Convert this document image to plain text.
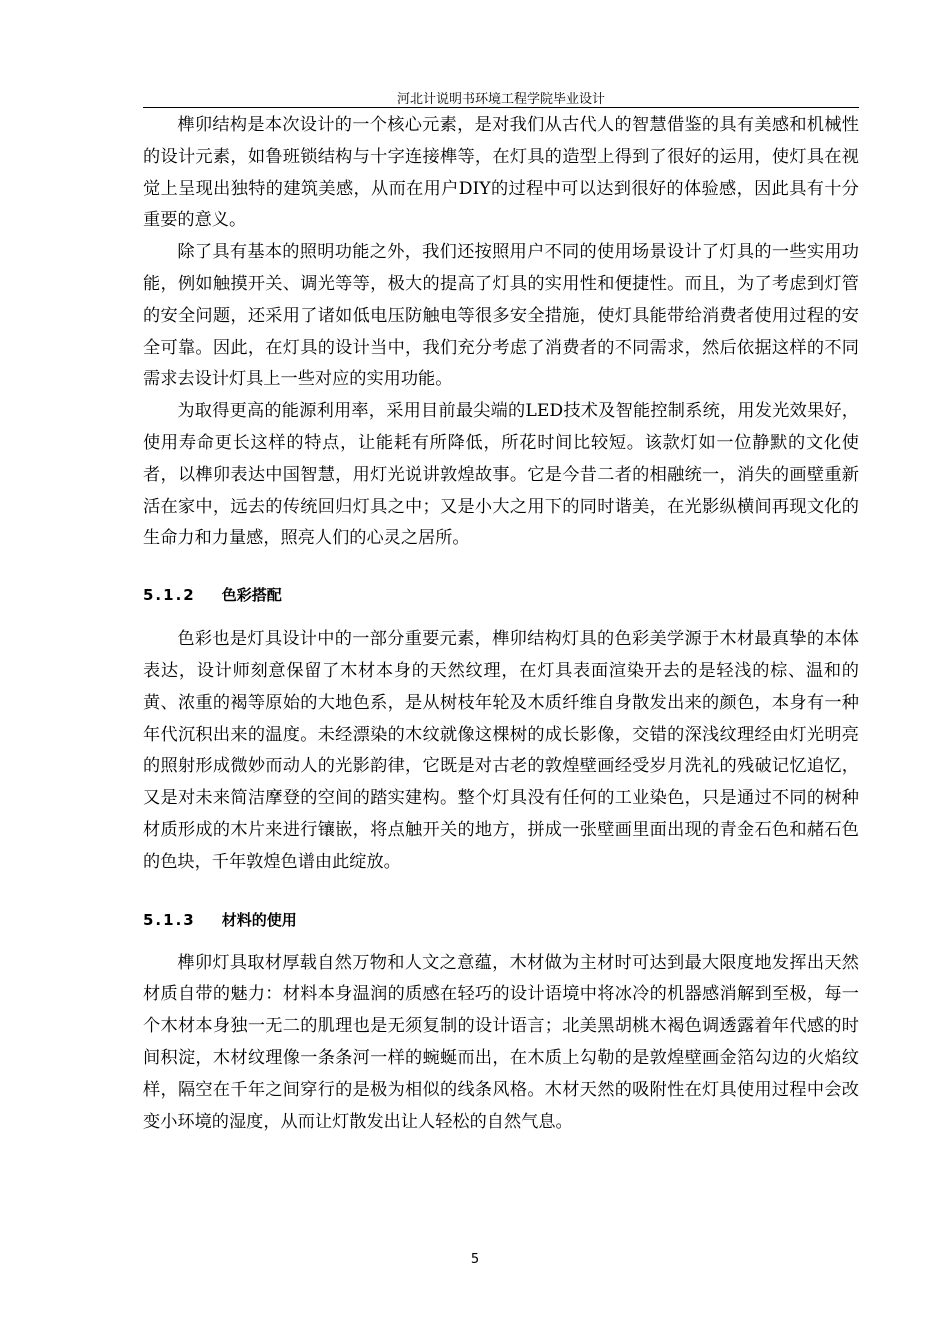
河北计说明书环境工程学院毕业设计

榫卯结构是本次设计的一个核心元素，是对我们从古代人的智慧借鉴的具有美感和机械性的设计元素，如鲁班锁结构与十字连接榫等，在灯具的造型上得到了很好的运用，使灯具在视觉上呈现出独特的建筑美感，从而在用户DIY的过程中可以达到很好的体验感，因此具有十分重要的意义。

除了具有基本的照明功能之外，我们还按照用户不同的使用场景设计了灯具的一些实用功能，例如触摸开关、调光等等，极大的提高了灯具的实用性和便捷性。而且，为了考虑到灯管的安全问题，还采用了诸如低电压防触电等很多安全措施，使灯具能带给消费者使用过程的安全可靠。因此，在灯具的设计当中，我们充分考虑了消费者的不同需求，然后依据这样的不同需求去设计灯具上一些对应的实用功能。

为取得更高的能源利用率，采用目前最尖端的LED技术及智能控制系统，用发光效果好，使用寿命更长这样的特点，让能耗有所降低，所花时间比较短。该款灯如一位静默的文化使者，以榫卯表达中国智慧，用灯光说讲敦煌故事。它是今昔二者的相融统一，消失的画壁重新活在家中，远去的传统回归灯具之中；又是小大之用下的同时谐美，在光影纵横间再现文化的生命力和力量感，照亮人们的心灵之居所。

5.1.2 色彩搭配

色彩也是灯具设计中的一部分重要元素，榫卯结构灯具的色彩美学源于木材最真挚的本体表达，设计师刻意保留了木材本身的天然纹理，在灯具表面渲染开去的是轻浅的棕、温和的黄、浓重的褐等原始的大地色系，是从树枝年轮及木质纤维自身散发出来的颜色，本身有一种年代沉积出来的温度。未经漂染的木纹就像这棵树的成长影像，交错的深浅纹理经由灯光明亮的照射形成微妙而动人的光影韵律，它既是对古老的敦煌壁画经受岁月洗礼的残破记忆追忆，又是对未来简洁摩登的空间的踏实建构。整个灯具没有任何的工业染色，只是通过不同的树种材质形成的木片来进行镶嵌，将点触开关的地方，拼成一张壁画里面出现的青金石色和赭石色的色块，千年敦煌色谱由此绽放。

5.1.3 材料的使用

榫卯灯具取材厚载自然万物和人文之意蕴，木材做为主材时可达到最大限度地发挥出天然材质自带的魅力：材料本身温润的质感在轻巧的设计语境中将冰冷的机器感消解到至极，每一个木材本身独一无二的肌理也是无须复制的设计语言；北美黑胡桃木褐色调透露着年代感的时间积淀，木材纹理像一条条河一样的蜿蜒而出，在木质上勾勒的是敦煌壁画金箔勾边的火焰纹样，隔空在千年之间穿行的是极为相似的线条风格。木材天然的吸附性在灯具使用过程中会改变小环境的湿度，从而让灯散发出让人轻松的自然气息。

5
